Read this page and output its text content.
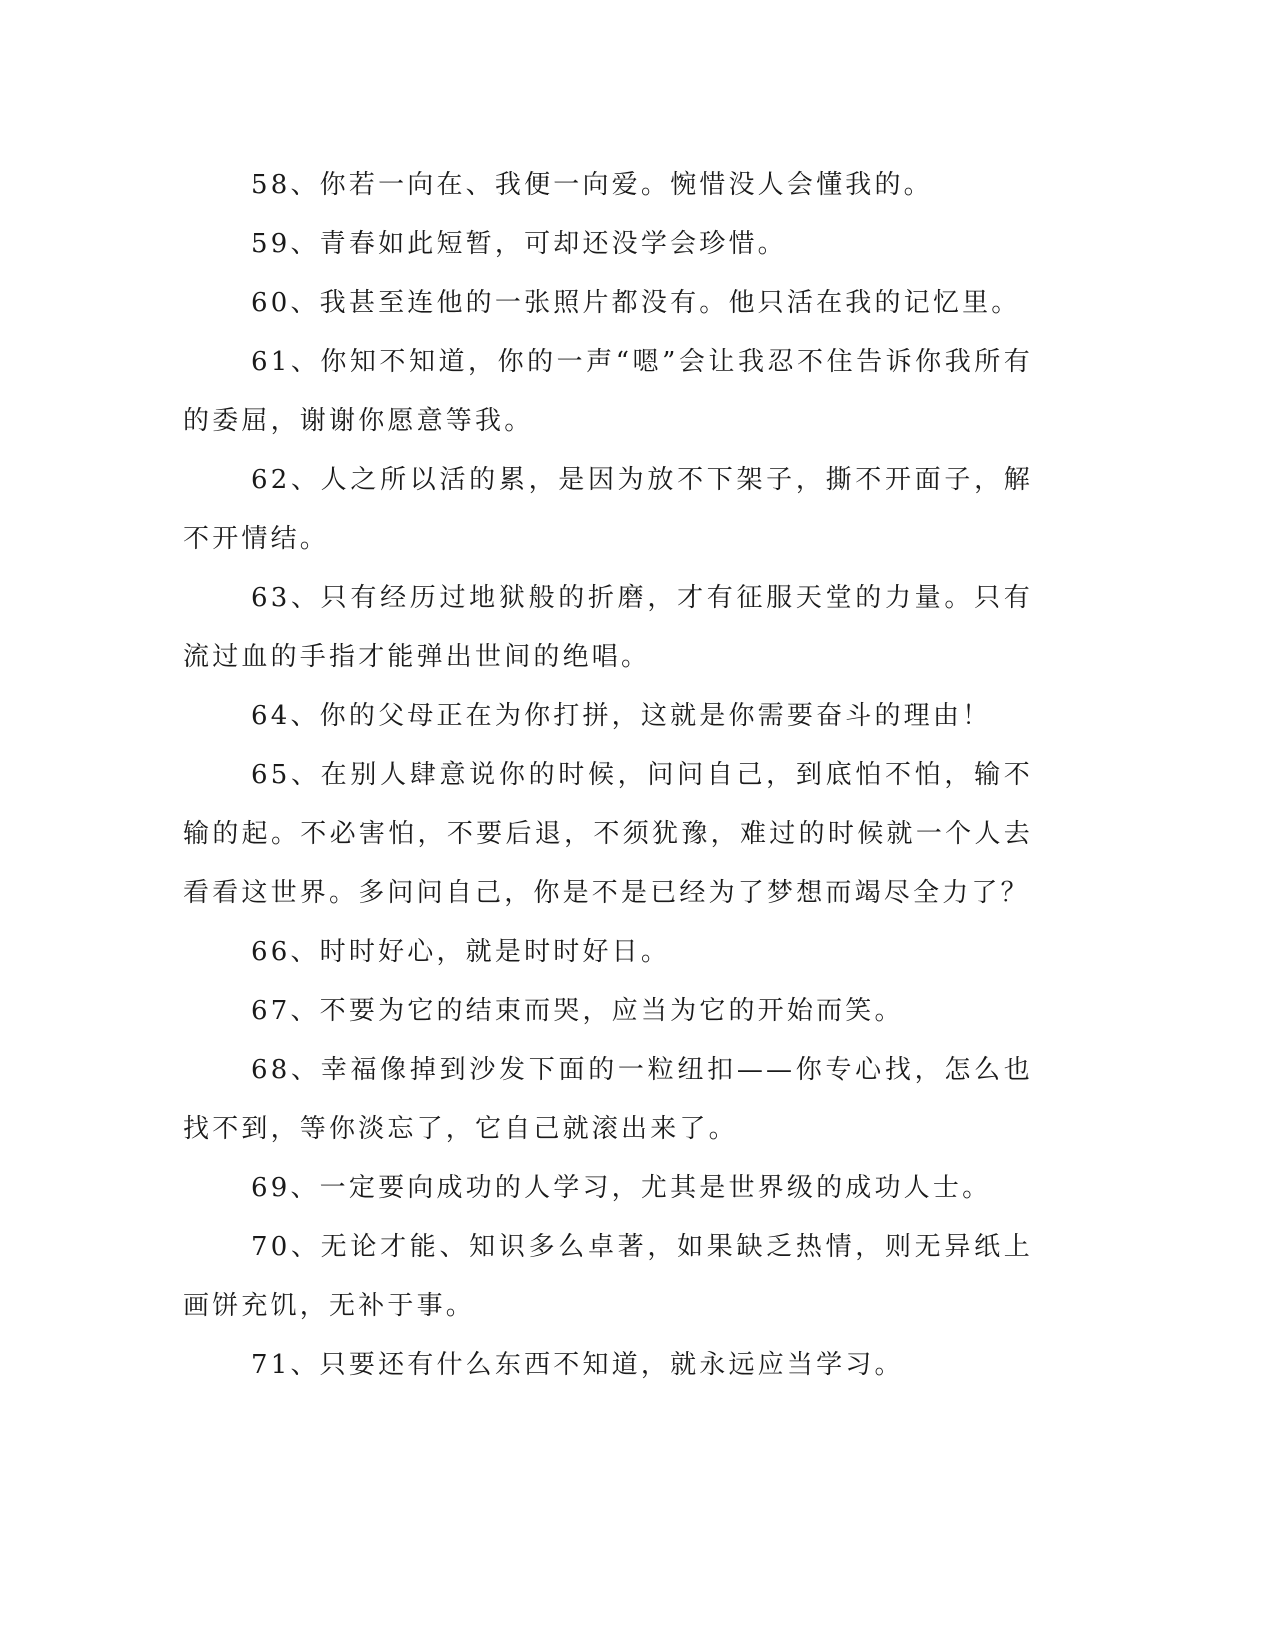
58、你若一向在、我便一向爱。惋惜没人会懂我的。

59、青春如此短暂，可却还没学会珍惜。

60、我甚至连他的一张照片都没有。他只活在我的记忆里。

61、你知不知道，你的一声“嗯”会让我忍不住告诉你我所有的委屈，谢谢你愿意等我。

62、人之所以活的累，是因为放不下架子，撕不开面子，解不开情结。

63、只有经历过地狱般的折磨，才有征服天堂的力量。只有流过血的手指才能弹出世间的绝唱。

64、你的父母正在为你打拼，这就是你需要奋斗的理由！

65、在别人肆意说你的时候，问问自己，到底怕不怕，输不输的起。不必害怕，不要后退，不须犹豫，难过的时候就一个人去看看这世界。多问问自己，你是不是已经为了梦想而竭尽全力了？

66、时时好心，就是时时好日。

67、不要为它的结束而哭，应当为它的开始而笑。

68、幸福像掉到沙发下面的一粒纽扣——你专心找，怎么也找不到，等你淡忘了，它自己就滚出来了。

69、一定要向成功的人学习，尤其是世界级的成功人士。

70、无论才能、知识多么卓著，如果缺乏热情，则无异纸上画饼充饥，无补于事。

71、只要还有什么东西不知道，就永远应当学习。
